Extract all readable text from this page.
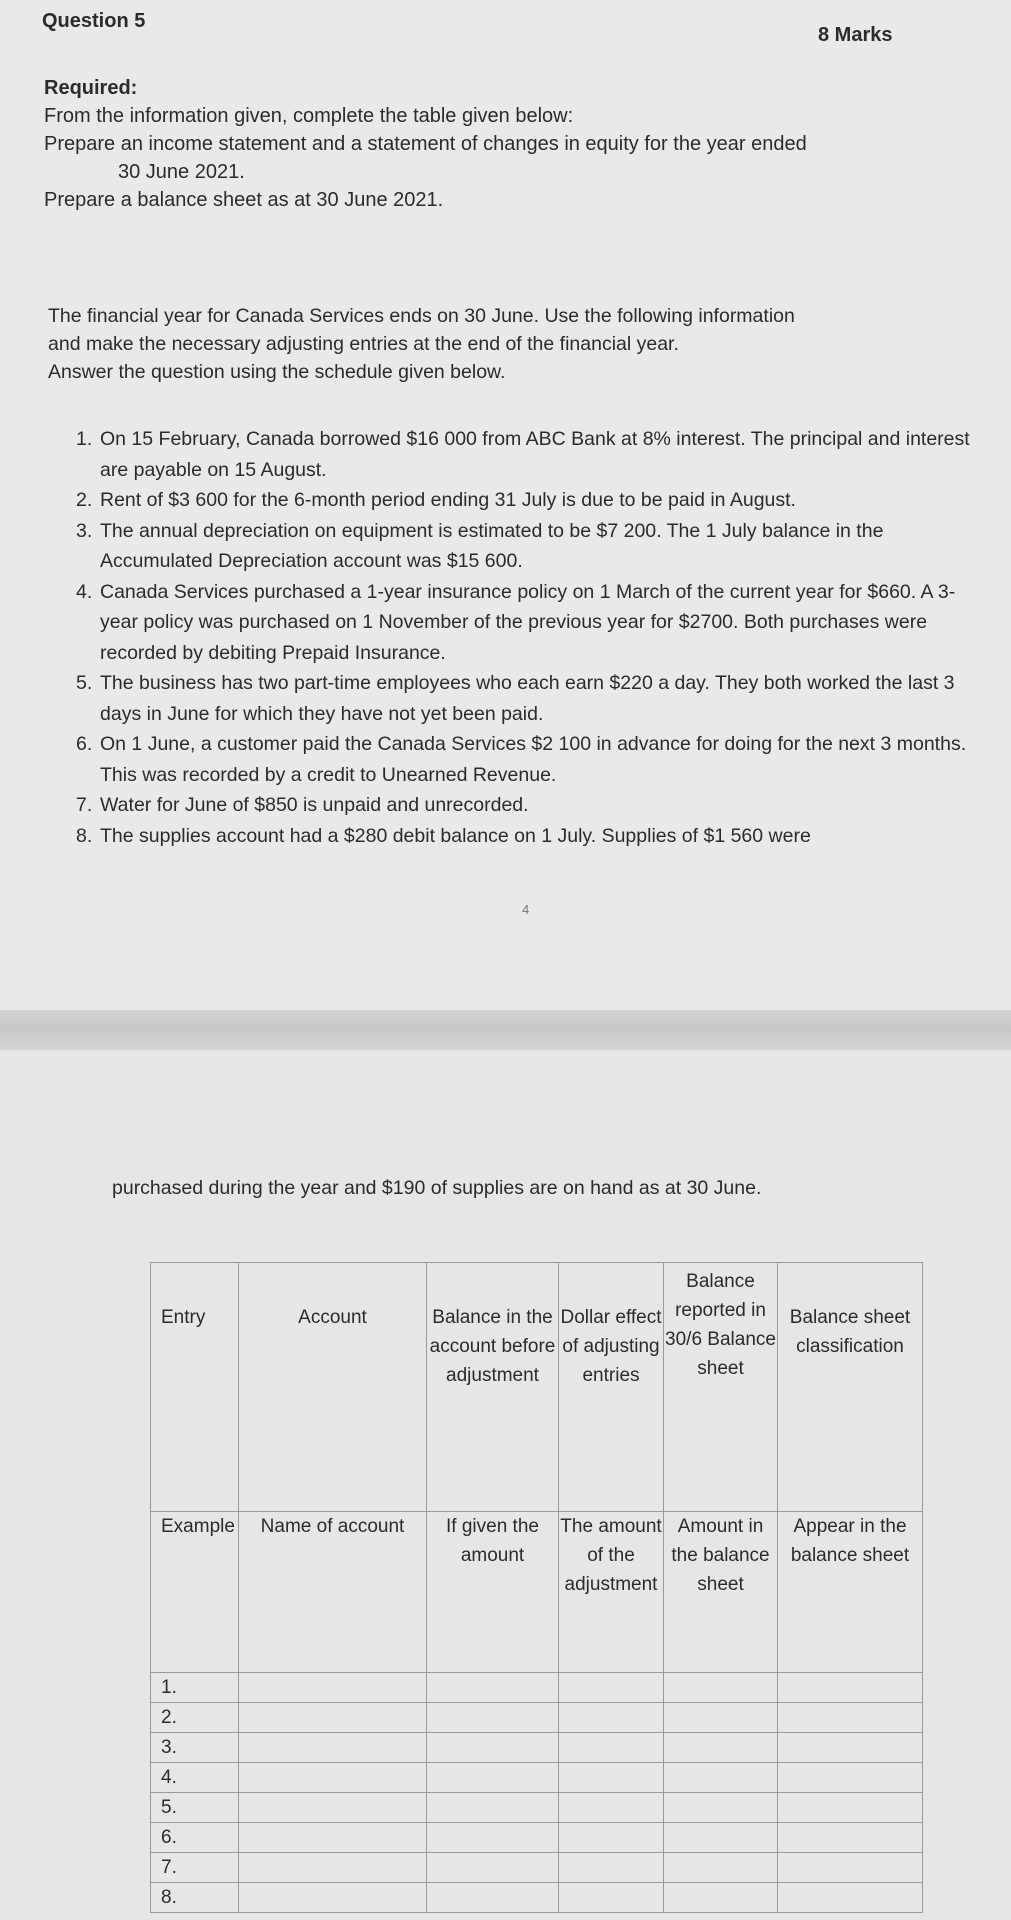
Question 5
8 Marks
Required:
From the information given, complete the table given below:
Prepare an income statement and a statement of changes in equity for the year ended
30 June 2021.
Prepare a balance sheet as at 30 June 2021.
The financial year for Canada Services ends on 30 June. Use the following information
and make the necessary adjusting entries at the end of the financial year.
Answer the question using the schedule given below.
1. On 15 February, Canada borrowed $16 000 from ABC Bank at 8% interest. The principal and interest are payable on 15 August.
2. Rent of $3 600 for the 6-month period ending 31 July is due to be paid in August.
3. The annual depreciation on equipment is estimated to be $7 200. The 1 July balance in the Accumulated Depreciation account was $15 600.
4. Canada Services purchased a 1-year insurance policy on 1 March of the current year for $660. A 3-year policy was purchased on 1 November of the previous year for $2700. Both purchases were recorded by debiting Prepaid Insurance.
5. The business has two part-time employees who each earn $220 a day. They both worked the last 3 days in June for which they have not yet been paid.
6. On 1 June, a customer paid the Canada Services $2 100 in advance for doing for the next 3 months. This was recorded by a credit to Unearned Revenue.
7. Water for June of $850 is unpaid and unrecorded.
8. The supplies account had a $280 debit balance on 1 July. Supplies of $1 560 were
4
purchased during the year and $190 of supplies are on hand as at 30 June.
Entry	Account	Balance in the account before adjustment	Dollar effect of adjusting entries	Balance reported in 30/6 Balance sheet	Balance sheet classification
Example	Name of account	If given the amount	The amount of the adjustment	Amount in the balance sheet	Appear in the balance sheet
1.					
2.					
3.					
4.					
5.					
6.					
7.					
8.					
